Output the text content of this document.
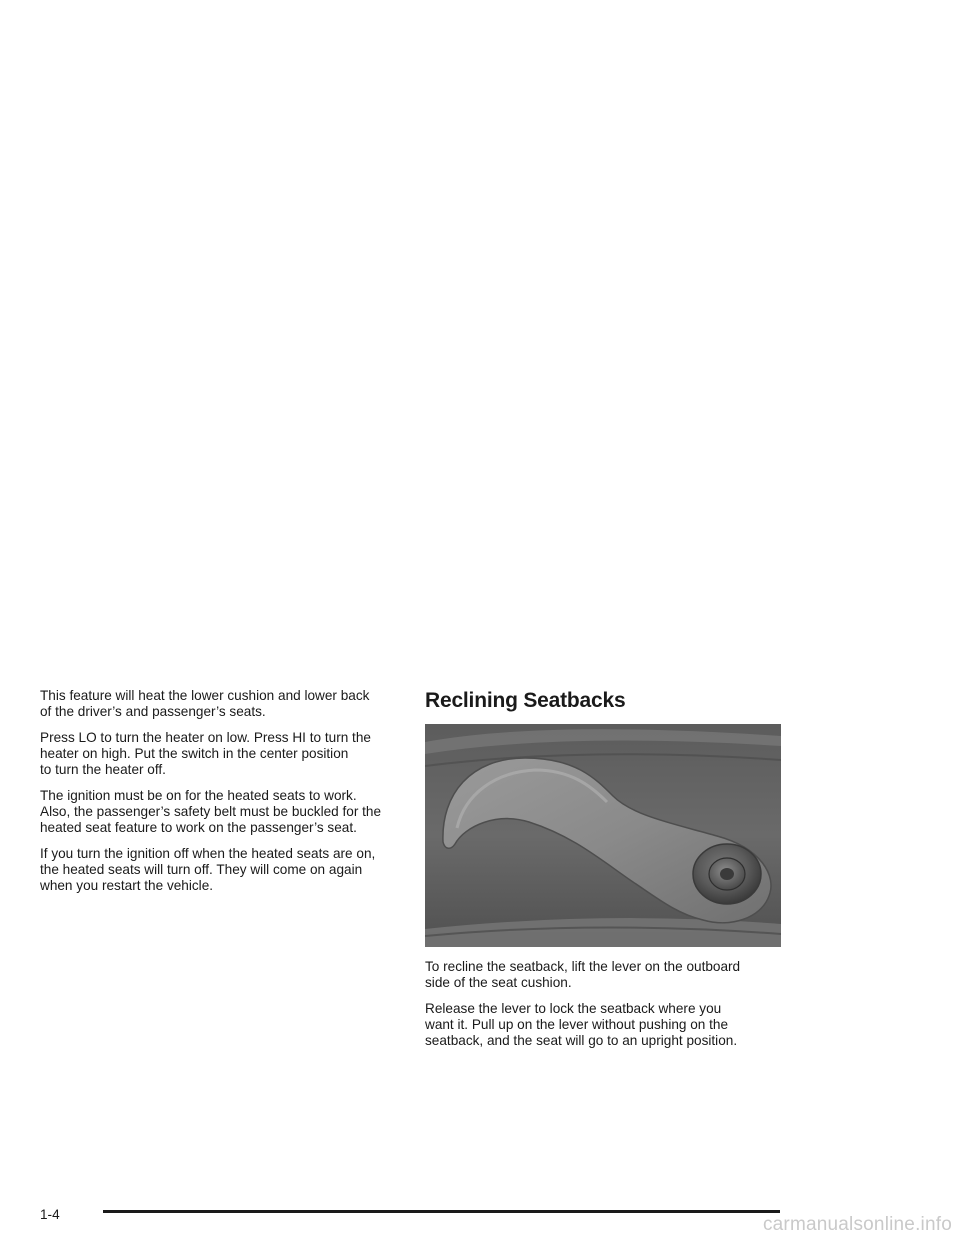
This feature will heat the lower cushion and lower back
of the driver’s and passenger’s seats.

Press LO to turn the heater on low. Press HI to turn the
heater on high. Put the switch in the center position
to turn the heater off.

The ignition must be on for the heated seats to work.
Also, the passenger’s safety belt must be buckled for the
heated seat feature to work on the passenger’s seat.

If you turn the ignition off when the heated seats are on,
the heated seats will turn off. They will come on again
when you restart the vehicle.

Reclining Seatbacks

To recline the seatback, lift the lever on the outboard
side of the seat cushion.

Release the lever to lock the seatback where you
want it. Pull up on the lever without pushing on the
seatback, and the seat will go to an upright position.

1-4	carmanualsonline.info
